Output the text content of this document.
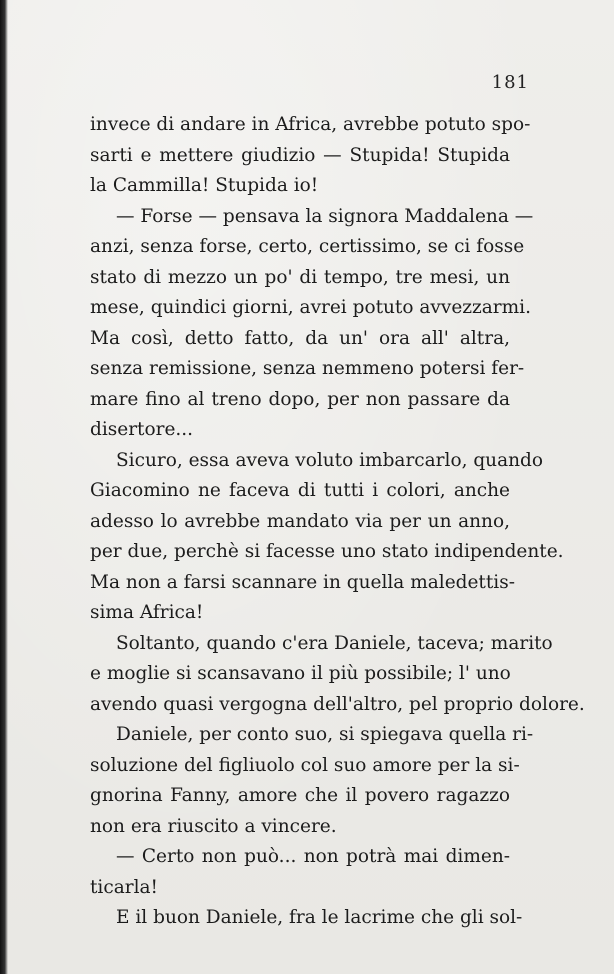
181
invece di andare in Africa, avrebbe potuto spo-
sarti e mettere giudizio — Stupida! Stupida
la Cammilla! Stupida io!
— Forse — pensava la signora Maddalena —
anzi, senza forse, certo, certissimo, se ci fosse
stato di mezzo un po' di tempo, tre mesi, un
mese, quindici giorni, avrei potuto avvezzarmi.
Ma così, detto fatto, da un' ora all' altra,
senza remissione, senza nemmeno potersi fer-
mare fino al treno dopo, per non passare da
disertore...
Sicuro, essa aveva voluto imbarcarlo, quando
Giacomino ne faceva di tutti i colori, anche
adesso lo avrebbe mandato via per un anno,
per due, perchè si facesse uno stato indipendente.
Ma non a farsi scannare in quella maledettis-
sima Africa!
Soltanto, quando c'era Daniele, taceva; marito
e moglie si scansavano il più possibile; l' uno
avendo quasi vergogna dell'altro, pel proprio dolore.
Daniele, per conto suo, si spiegava quella ri-
soluzione del figliuolo col suo amore per la si-
gnorina Fanny, amore che il povero ragazzo
non era riuscito a vincere.
— Certo non può... non potrà mai dimen-
ticarla!
E il buon Daniele, fra le lacrime che gli sol-
